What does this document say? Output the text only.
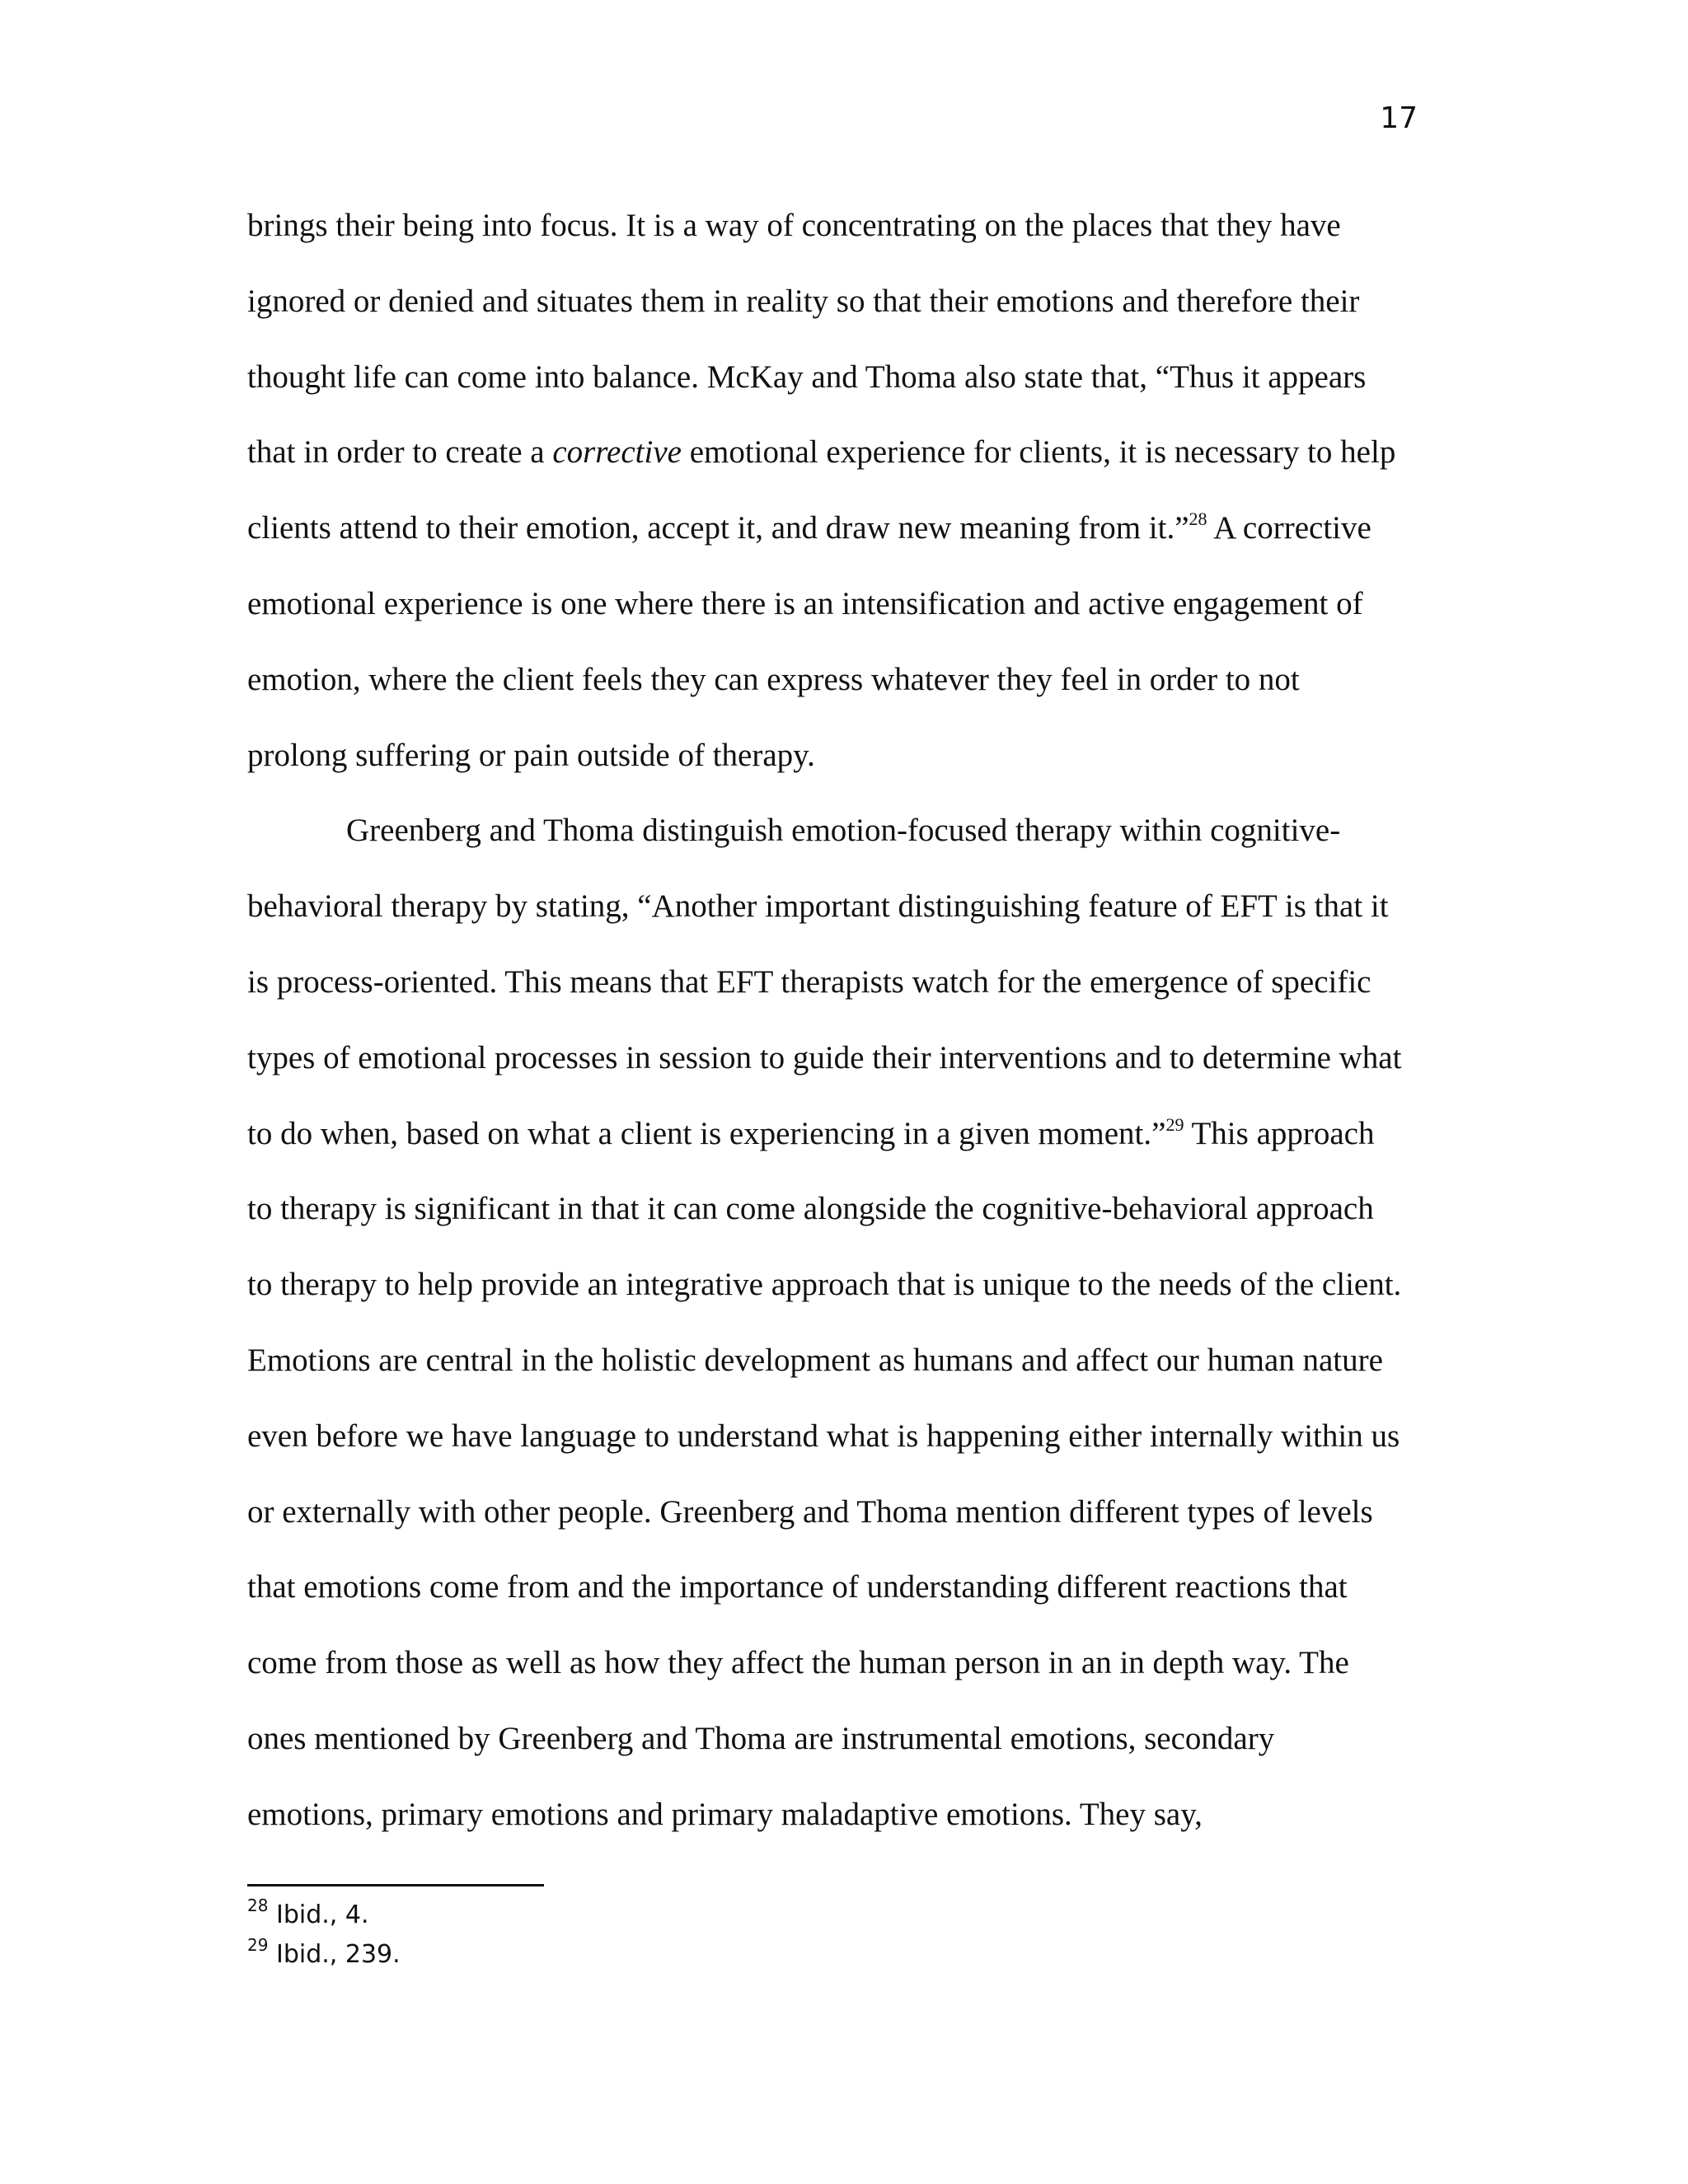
17
brings their being into focus. It is a way of concentrating on the places that they have
ignored or denied and situates them in reality so that their emotions and therefore their
thought life can come into balance. McKay and Thoma also state that, “Thus it appears
that in order to create a corrective emotional experience for clients, it is necessary to help
clients attend to their emotion, accept it, and draw new meaning from it.”$^{28}$ A corrective
emotional experience is one where there is an intensification and active engagement of
emotion, where the client feels they can express whatever they feel in order to not
prolong suffering or pain outside of therapy.
Greenberg and Thoma distinguish emotion-focused therapy within cognitive-
behavioral therapy by stating, “Another important distinguishing feature of EFT is that it
is process-oriented. This means that EFT therapists watch for the emergence of specific
types of emotional processes in session to guide their interventions and to determine what
to do when, based on what a client is experiencing in a given moment.”$^{29}$ This approach
to therapy is significant in that it can come alongside the cognitive-behavioral approach
to therapy to help provide an integrative approach that is unique to the needs of the client.
Emotions are central in the holistic development as humans and affect our human nature
even before we have language to understand what is happening either internally within us
or externally with other people. Greenberg and Thoma mention different types of levels
that emotions come from and the importance of understanding different reactions that
come from those as well as how they affect the human person in an in depth way. The
ones mentioned by Greenberg and Thoma are instrumental emotions, secondary
emotions, primary emotions and primary maladaptive emotions. They say,
$^{28}$ Ibid., 4.
$^{29}$ Ibid., 239.
